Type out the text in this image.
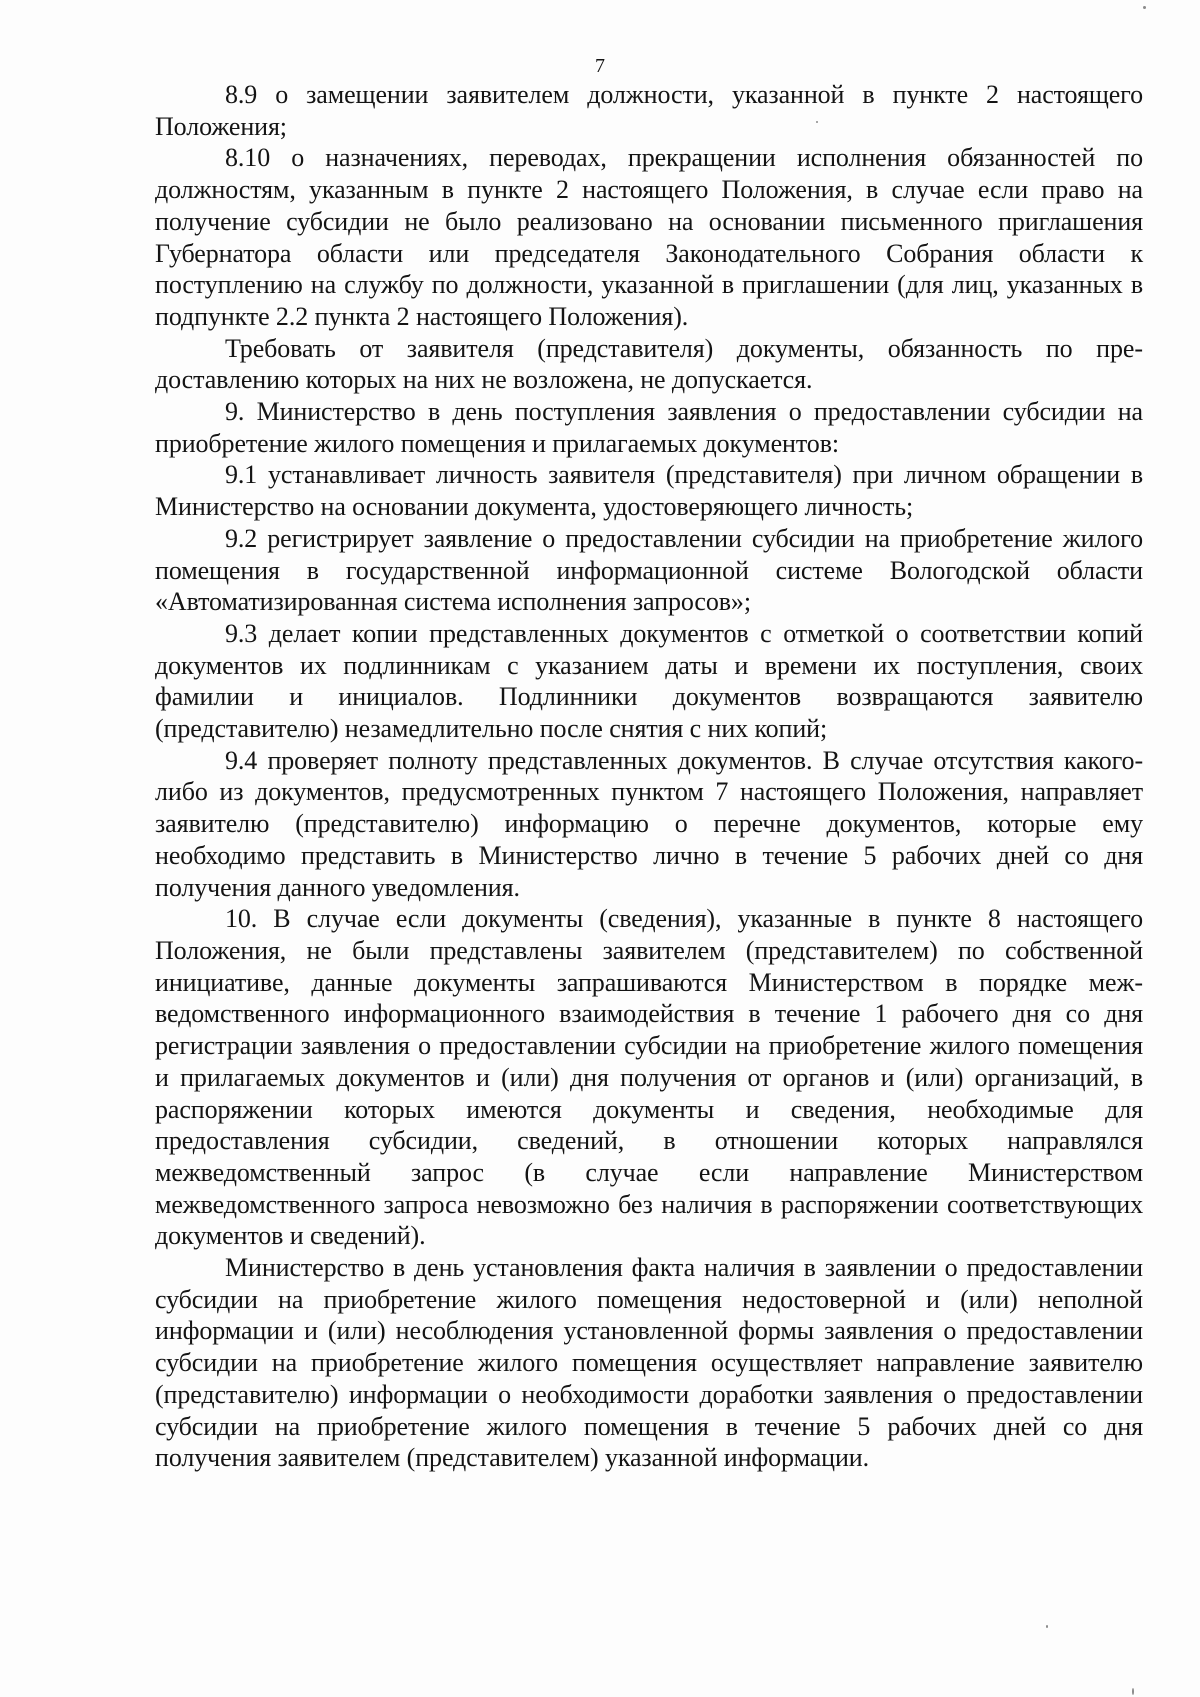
7

8.9 о замещении заявителем должности, указанной в пункте 2 настоящего Положения;

8.10 о назначениях, переводах, прекращении исполнения обязанностей по должностям, указанным в пункте 2 настоящего Положения, в случае если право на получение субсидии не было реализовано на основании письменного приглашения Губернатора области или председателя Законодательного Собрания области к поступлению на службу по должности, указанной в приглашении (для лиц, указанных в подпункте 2.2 пункта 2 настоящего Положения).

Требовать от заявителя (представителя) документы, обязанность по предоставлению которых на них не возложена, не допускается.

9. Министерство в день поступления заявления о предоставлении субсидии на приобретение жилого помещения и прилагаемых документов:

9.1 устанавливает личность заявителя (представителя) при личном обращении в Министерство на основании документа, удостоверяющего личность;

9.2 регистрирует заявление о предоставлении субсидии на приобретение жилого помещения в государственной информационной системе Вологодской области «Автоматизированная система исполнения запросов»;

9.3 делает копии представленных документов с отметкой о соответствии копий документов их подлинникам с указанием даты и времени их поступления, своих фамилии и инициалов. Подлинники документов возвращаются заявителю (представителю) незамедлительно после снятия с них копий;

9.4 проверяет полноту представленных документов. В случае отсутствия какого-либо из документов, предусмотренных пунктом 7 настоящего Положения, направляет заявителю (представителю) информацию о перечне документов, которые ему необходимо представить в Министерство лично в течение 5 рабочих дней со дня получения данного уведомления.

10. В случае если документы (сведения), указанные в пункте 8 настоящего Положения, не были представлены заявителем (представителем) по собственной инициативе, данные документы запрашиваются Министерством в порядке межведомственного информационного взаимодействия в течение 1 рабочего дня со дня регистрации заявления о предоставлении субсидии на приобретение жилого помещения и прилагаемых документов и (или) дня получения от органов и (или) организаций, в распоряжении которых имеются документы и сведения, необходимые для предоставления субсидии, сведений, в отношении которых направлялся межведомственный запрос (в случае если направление Министерством межведомственного запроса невозможно без наличия в распоряжении соответствующих документов и сведений).

Министерство в день установления факта наличия в заявлении о предоставлении субсидии на приобретение жилого помещения недостоверной и (или) неполной информации и (или) несоблюдения установленной формы заявления о предоставлении субсидии на приобретение жилого помещения осуществляет направление заявителю (представителю) информации о необходимости доработки заявления о предоставлении субсидии на приобретение жилого помещения в течение 5 рабочих дней со дня получения заявителем (представителем) указанной информации.
